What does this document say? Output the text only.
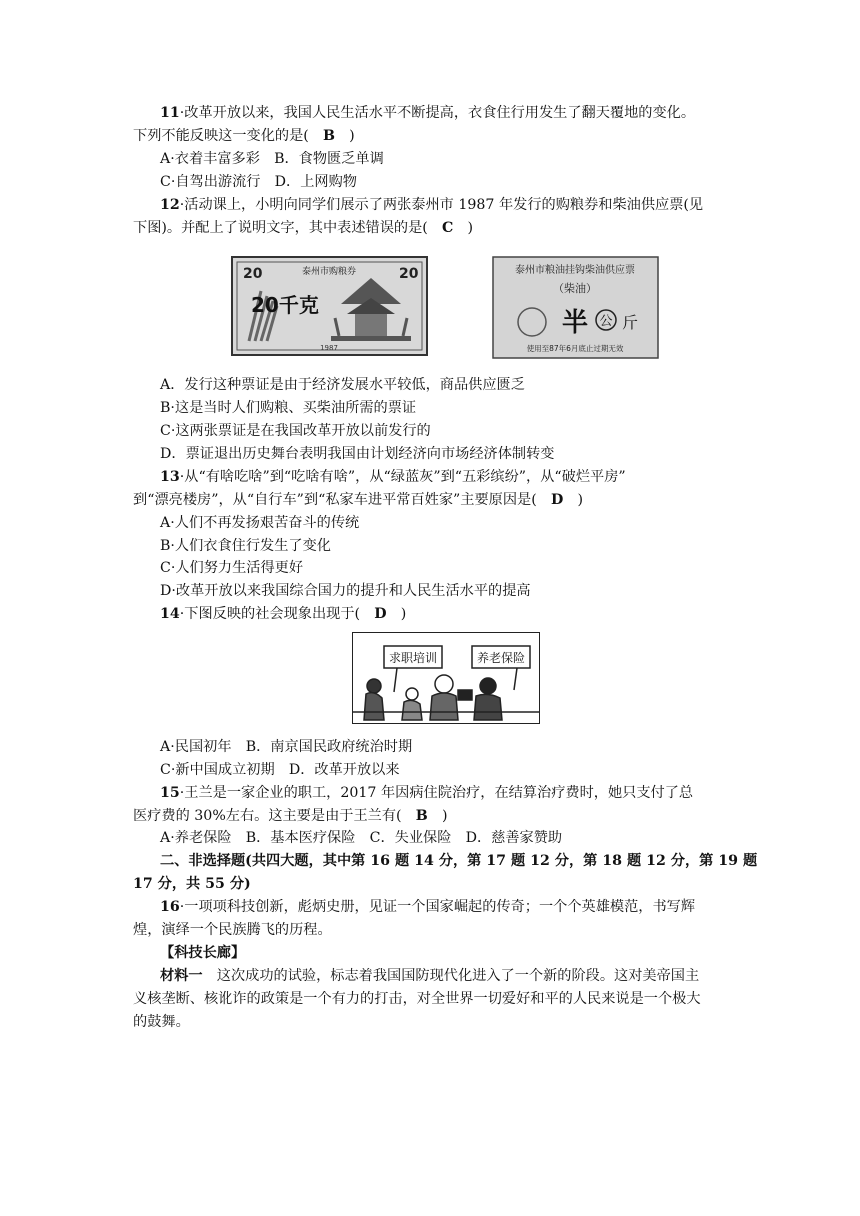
11·改革开放以来，我国人民生活水平不断提高，衣食住行用发生了翻天覆地的变化。
下列不能反映这一变化的是(　B　)
A·衣着丰富多彩　B．食物匮乏单调
C·自驾出游流行　D．上网购物
12·活动课上，小明向同学们展示了两张泰州市 1987 年发行的购粮券和柴油供应票(见
下图)。并配上了说明文字，其中表述错误的是(　C　)
20	20
泰州市购粮券
20千克
1987
泰州市粮油挂钩柴油供应票
（柴油）
半 公 斤
使用至87年6月底止过期无效
A．发行这种票证是由于经济发展水平较低，商品供应匮乏
B·这是当时人们购粮、买柴油所需的票证
C·这两张票证是在我国改革开放以前发行的
D．票证退出历史舞台表明我国由计划经济向市场经济体制转变
13·从“有啥吃啥”到“吃啥有啥”，从“绿蓝灰”到“五彩缤纷”，从“破烂平房”
到“漂亮楼房”，从“自行车”到“私家车进平常百姓家”主要原因是(　D　)
A·人们不再发扬艰苦奋斗的传统
B·人们衣食住行发生了变化
C·人们努力生活得更好
D·改革开放以来我国综合国力的提升和人民生活水平的提高
14·下图反映的社会现象出现于(　D　)
求职培训	养老保险
A·民国初年　B．南京国民政府统治时期
C·新中国成立初期　D．改革开放以来
15·王兰是一家企业的职工，2017 年因病住院治疗，在结算治疗费时，她只支付了总
医疗费的 30%左右。这主要是由于王兰有(　B　)
A·养老保险　B．基本医疗保险　C．失业保险　D．慈善家赞助
二、非选择题(共四大题，其中第 16 题 14 分，第 17 题 12 分，第 18 题 12 分，第 19 题
17 分，共 55 分)
16·一项项科技创新，彪炳史册，见证一个国家崛起的传奇；一个个英雄模范，书写辉
煌，演绎一个民族腾飞的历程。
【科技长廊】
材料一　这次成功的试验，标志着我国国防现代化进入了一个新的阶段。这对美帝国主
义核垄断、核讹诈的政策是一个有力的打击，对全世界一切爱好和平的人民来说是一个极大
的鼓舞。
